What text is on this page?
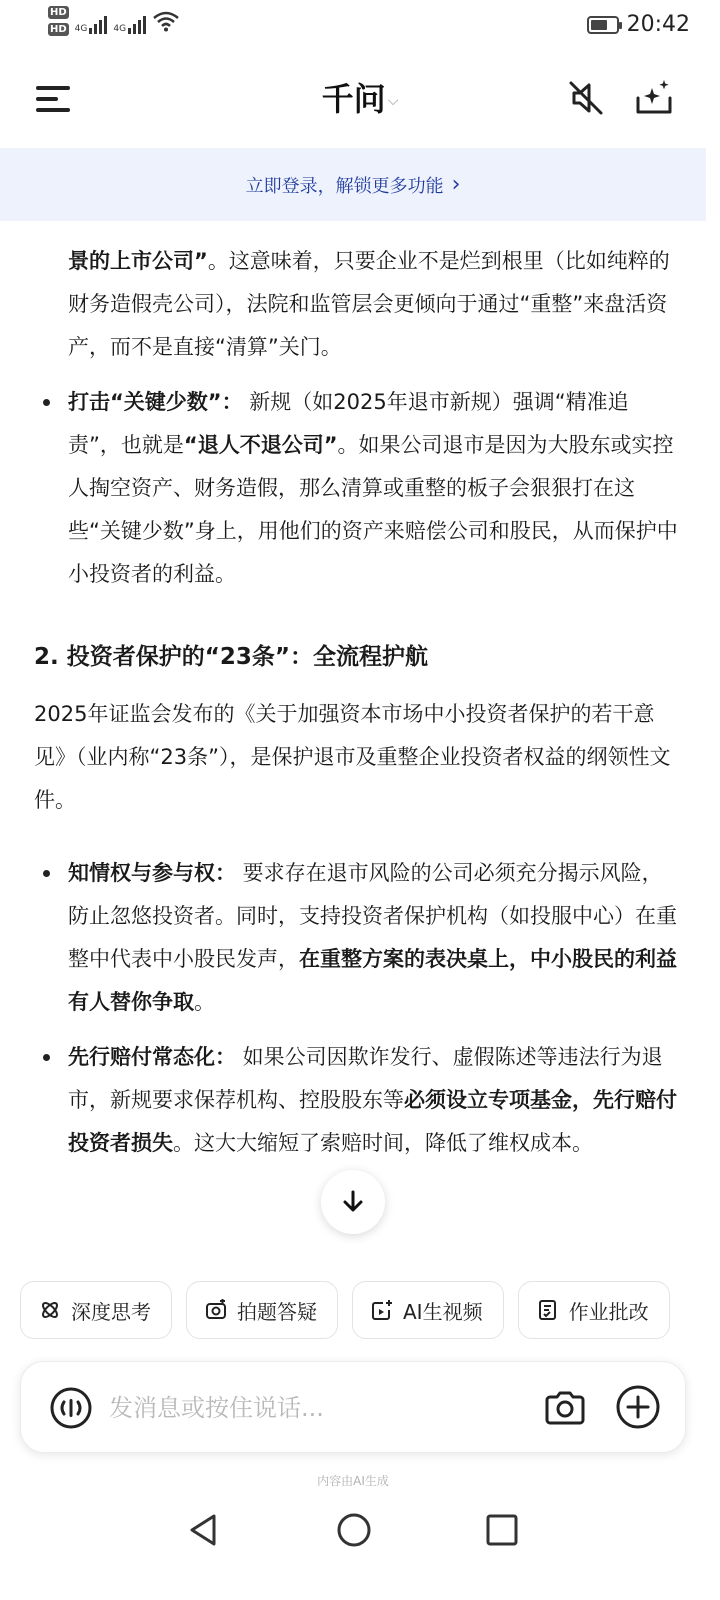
HD
HD 4G	4G	20:42
千问 ⌵
立即登录，解锁更多功能 ›
景的上市公司”。这意味着，只要企业不是烂到根里（比如纯粹的财务造假壳公司），法院和监管层会更倾向于通过“重整”来盘活资产，而不是直接“清算”关门。
打击“关键少数”： 新规（如2025年退市新规）强调“精准追责”，也就是“退人不退公司”。如果公司退市是因为大股东或实控人掏空资产、财务造假，那么清算或重整的板子会狠狠打在这些“关键少数”身上，用他们的资产来赔偿公司和股民，从而保护中小投资者的利益。
2. 投资者保护的“23条”：全流程护航
2025年证监会发布的《关于加强资本市场中小投资者保护的若干意见》（业内称“23条”），是保护退市及重整企业投资者权益的纲领性文件。
知情权与参与权： 要求存在退市风险的公司必须充分揭示风险，防止忽悠投资者。同时，支持投资者保护机构（如投服中心）在重整中代表中小股民发声，在重整方案的表决桌上，中小股民的利益有人替你争取。
先行赔付常态化： 如果公司因欺诈发行、虚假陈述等违法行为退市，新规要求保荐机构、控股股东等必须设立专项基金，先行赔付投资者损失。这大大缩短了索赔时间，降低了维权成本。
深度思考	拍题答疑	AI生视频	作业批改
发消息或按住说话...
内容由AI生成
